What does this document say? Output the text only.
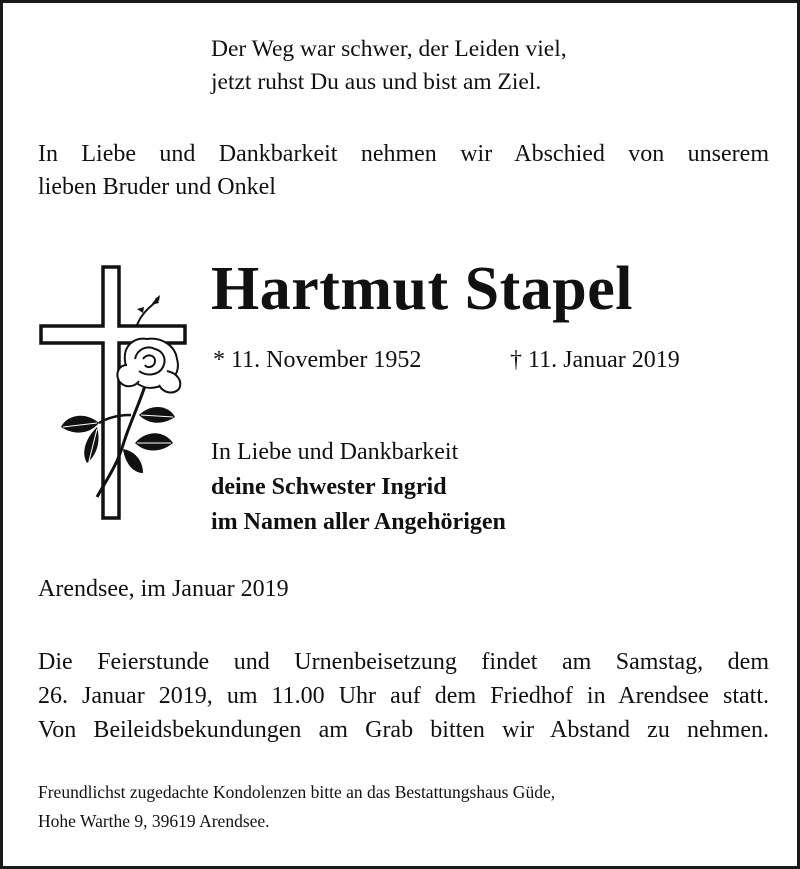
Der Weg war schwer, der Leiden viel,
jetzt ruhst Du aus und bist am Ziel.

In Liebe und Dankbarkeit nehmen wir Abschied von unserem
lieben Bruder und Onkel

Hartmut Stapel
* 11. November 1952	† 11. Januar 2019

In Liebe und Dankbarkeit
deine Schwester Ingrid
im Namen aller Angehörigen

Arendsee, im Januar 2019

Die Feierstunde und Urnenbeisetzung findet am Samstag, dem
26. Januar 2019, um 11.00 Uhr auf dem Friedhof in Arendsee statt.
Von Beileidsbekundungen am Grab bitten wir Abstand zu nehmen.

Freundlichst zugedachte Kondolenzen bitte an das Bestattungshaus Güde,
Hohe Warthe 9, 39619 Arendsee.
